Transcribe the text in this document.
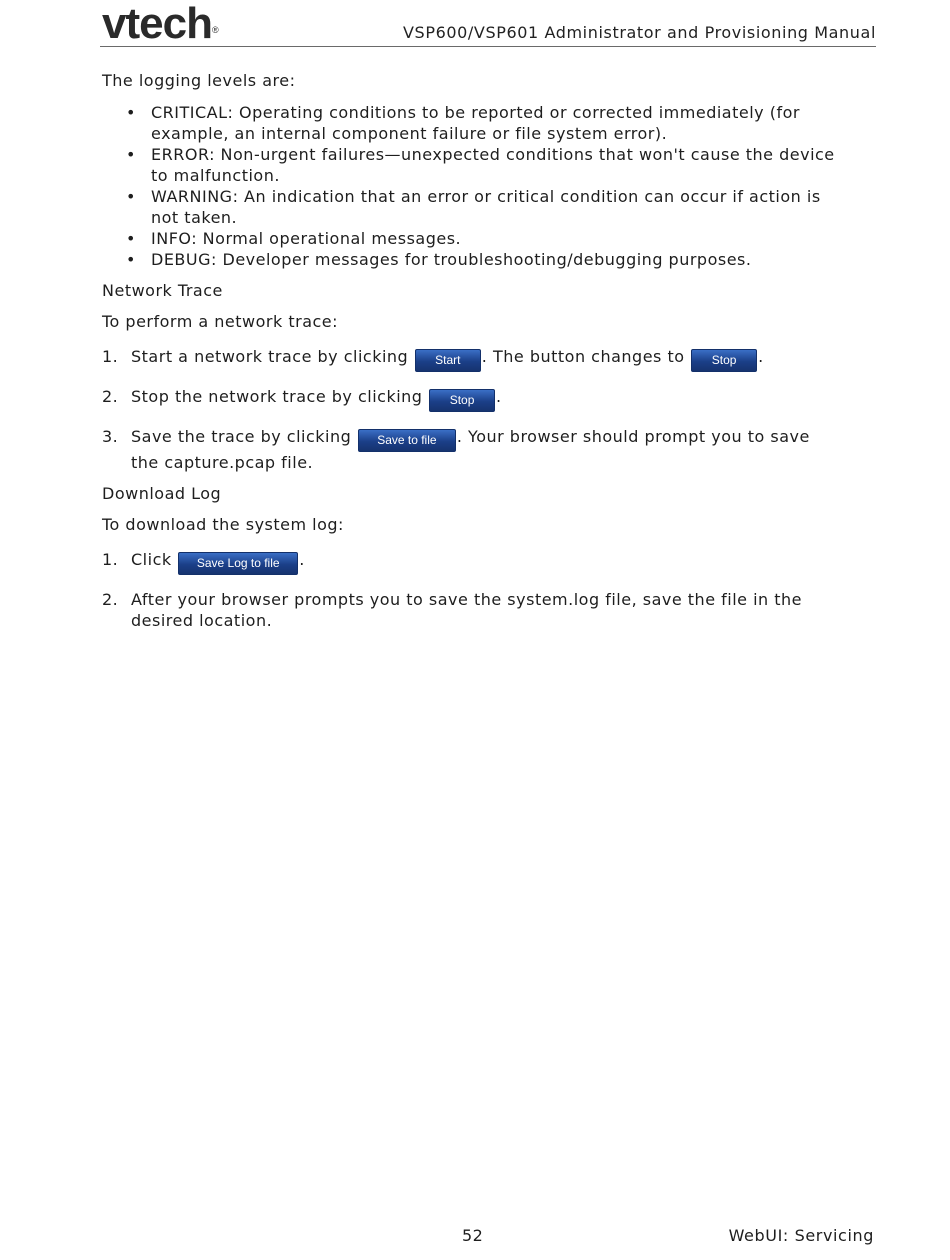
vtech®	VSP600/VSP601 Administrator and Provisioning Manual

The logging levels are:

• CRITICAL: Operating conditions to be reported or corrected immediately (for example, an internal component failure or file system error).
• ERROR: Non-urgent failures—unexpected conditions that won't cause the device to malfunction.
• WARNING: An indication that an error or critical condition can occur if action is not taken.
• INFO: Normal operational messages.
• DEBUG: Developer messages for troubleshooting/debugging purposes.

Network Trace

To perform a network trace:

1. Start a network trace by clicking Start . The button changes to Stop .
2. Stop the network trace by clicking Stop .
3. Save the trace by clicking Save to file . Your browser should prompt you to save the capture.pcap file.

Download Log

To download the system log:

1. Click Save Log to file .
2. After your browser prompts you to save the system.log file, save the file in the desired location.
52	WebUI: Servicing
